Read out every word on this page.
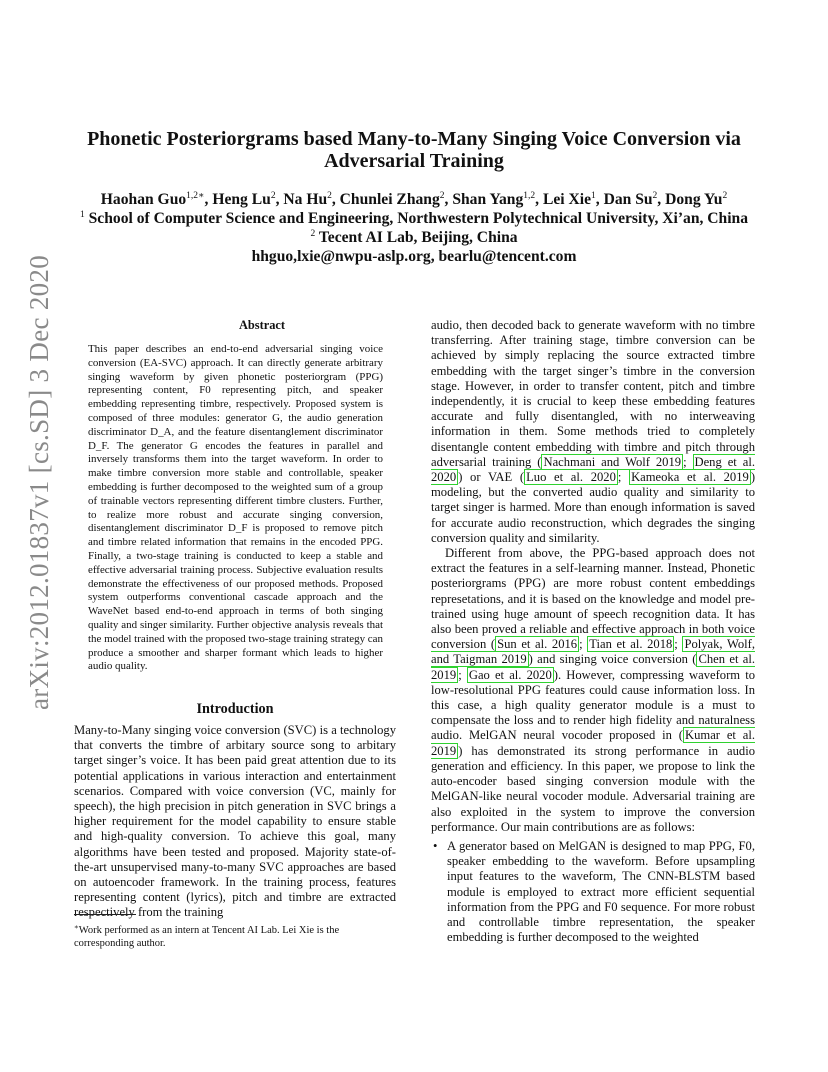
arXiv:2012.01837v1 [cs.SD] 3 Dec 2020
Phonetic Posteriorgrams based Many-to-Many Singing Voice Conversion via Adversarial Training
Haohan Guo$^{1,2∗}$, Heng Lu$^2$, Na Hu$^2$, Chunlei Zhang$^2$, Shan Yang$^{1,2}$, Lei Xie$^1$, Dan Su$^2$, Dong Yu$^2$
$^1$ School of Computer Science and Engineering, Northwestern Polytechnical University, Xi’an, China
$^2$ Tecent AI Lab, Beijing, China
hhguo,lxie@nwpu-aslp.org, bearlu@tencent.com
Abstract

This paper describes an end-to-end adversarial singing voice conversion (EA-SVC) approach. It can directly generate arbitrary singing waveform by given phonetic posteriorgram (PPG) representing content, F0 representing pitch, and speaker embedding representing timbre, respectively. Proposed system is composed of three modules: generator G, the audio generation discriminator D_A, and the feature disentanglement discriminator D_F. The generator G encodes the features in parallel and inversely transforms them into the target waveform. In order to make timbre conversion more stable and controllable, speaker embedding is further decomposed to the weighted sum of a group of trainable vectors representing different timbre clusters. Further, to realize more robust and accurate singing conversion, disentanglement discriminator D_F is proposed to remove pitch and timbre related information that remains in the encoded PPG. Finally, a two-stage training is conducted to keep a stable and effective adversarial training process. Subjective evaluation results demonstrate the effectiveness of our proposed methods. Proposed system outperforms conventional cascade approach and the WaveNet based end-to-end approach in terms of both singing quality and singer similarity. Further objective analysis reveals that the model trained with the proposed two-stage training strategy can produce a smoother and sharper formant which leads to higher audio quality.

Introduction

Many-to-Many singing voice conversion (SVC) is a technology that converts the timbre of arbitary source song to arbitary target singer’s voice. It has been paid great attention due to its potential applications in various interaction and entertainment scenarios. Compared with voice conversion (VC, mainly for speech), the high precision in pitch generation in SVC brings a higher requirement for the model capability to ensure stable and high-quality conversion. To achieve this goal, many algorithms have been tested and proposed. Majority state-of-the-art unsupervised many-to-many SVC approaches are based on autoencoder framework. In the training process, features representing content (lyrics), pitch and timbre are extracted respectively from the training

∗Work performed as an intern at Tencent AI Lab. Lei Xie is the corresponding author.

audio, then decoded back to generate waveform with no timbre transferring. After training stage, timbre conversion can be achieved by simply replacing the source extracted timbre embedding with the target singer’s timbre in the conversion stage. However, in order to transfer content, pitch and timbre independently, it is crucial to keep these embedding features accurate and fully disentangled, with no interweaving information in them. Some methods tried to completely disentangle content embedding with timbre and pitch through adversarial training ( Nachmani and Wolf 2019 ; Deng et al. 2020 ) or VAE ( Luo et al. 2020 ; Kameoka et al. 2019 ) modeling, but the converted audio quality and similarity to target singer is harmed. More than enough information is saved for accurate audio reconstruction, which degrades the singing conversion quality and similarity.

Different from above, the PPG-based approach does not extract the features in a self-learning manner. Instead, Phonetic posteriorgrams (PPG) are more robust content embeddings represetations, and it is based on the knowledge and model pre-trained using huge amount of speech recognition data. It has also been proved a reliable and effective approach in both voice conversion ( Sun et al. 2016 ; Tian et al. 2018 ; Polyak, Wolf, and Taigman 2019 ) and singing voice conversion ( Chen et al. 2019 ; Gao et al. 2020 ). However, compressing waveform to low-resolutional PPG features could cause information loss. In this case, a high quality generator module is a must to compensate the loss and to render high fidelity and naturalness audio. MelGAN neural vocoder proposed in ( Kumar et al. 2019 ) has demonstrated its strong performance in audio generation and efficiency. In this paper, we propose to link the auto-encoder based singing conversion module with the MelGAN-like neural vocoder module. Adversarial training are also exploited in the system to improve the conversion performance. Our main contributions are as follows:

• A generator based on MelGAN is designed to map PPG, F0, speaker embedding to the waveform. Before upsampling input features to the waveform, The CNN-BLSTM based module is employed to extract more efficient sequential information from the PPG and F0 sequence. For more robust and controllable timbre representation, the speaker embedding is further decomposed to the weighted
